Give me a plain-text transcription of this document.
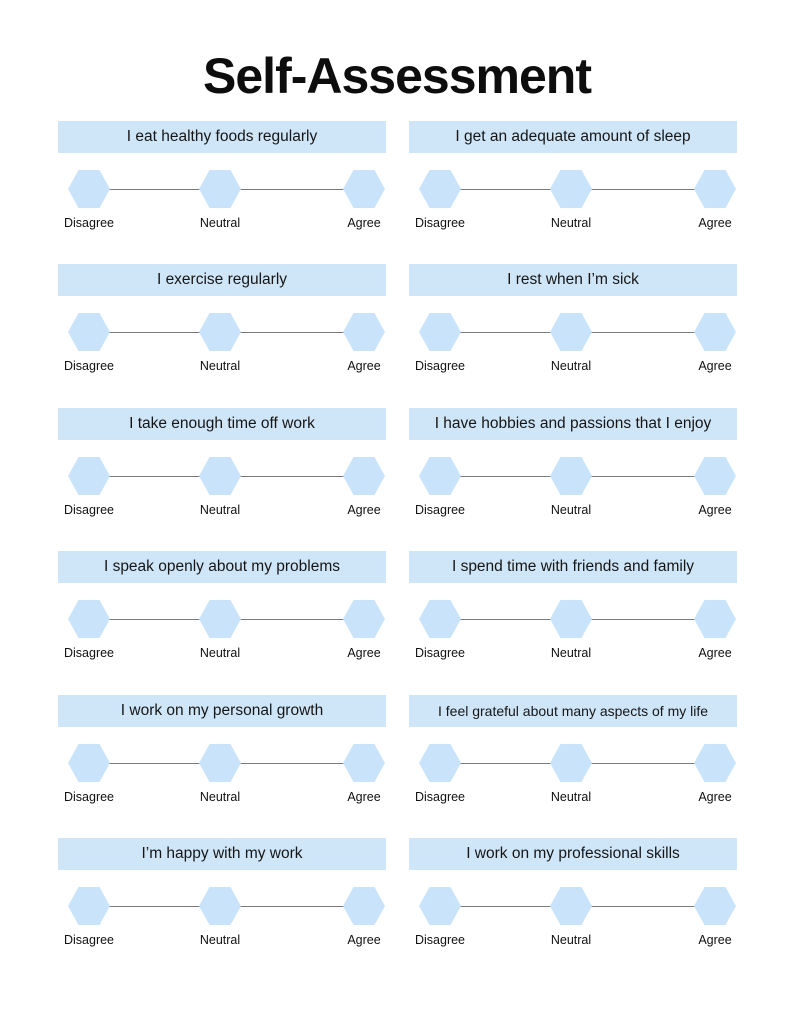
Self-Assessment
I eat healthy foods regularly
Disagree	Neutral	Agree
I get an adequate amount of sleep
Disagree	Neutral	Agree
I exercise regularly
Disagree	Neutral	Agree
I rest when I’m sick
Disagree	Neutral	Agree
I take enough time off work
Disagree	Neutral	Agree
I have hobbies and passions that I enjoy
Disagree	Neutral	Agree
I speak openly about my problems
Disagree	Neutral	Agree
I spend time with friends and family
Disagree	Neutral	Agree
I work on my personal growth
Disagree	Neutral	Agree
I feel grateful about many aspects of my life
Disagree	Neutral	Agree
I’m happy with my work
Disagree	Neutral	Agree
I work on my professional skills
Disagree	Neutral	Agree
